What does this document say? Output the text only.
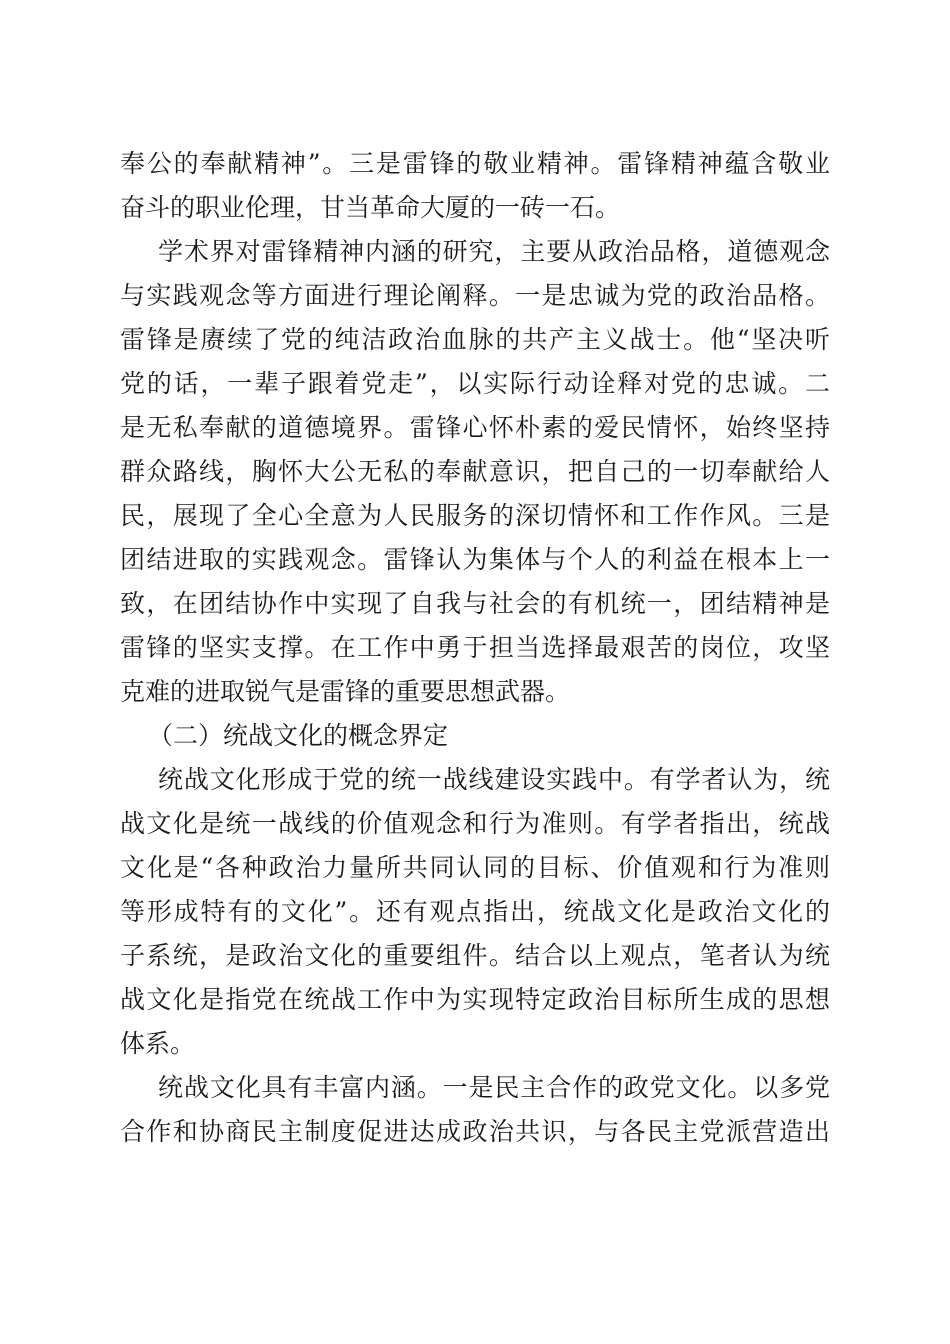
奉公的奉献精神”。三是雷锋的敬业精神。雷锋精神蕴含敬业
奋斗的职业伦理，甘当革命大厦的一砖一石。
学术界对雷锋精神内涵的研究，主要从政治品格，道德观念
与实践观念等方面进行理论阐释。一是忠诚为党的政治品格。
雷锋是赓续了党的纯洁政治血脉的共产主义战士。他“坚决听
党的话，一辈子跟着党走”，以实际行动诠释对党的忠诚。二
是无私奉献的道德境界。雷锋心怀朴素的爱民情怀，始终坚持
群众路线，胸怀大公无私的奉献意识，把自己的一切奉献给人
民，展现了全心全意为人民服务的深切情怀和工作作风。三是
团结进取的实践观念。雷锋认为集体与个人的利益在根本上一
致，在团结协作中实现了自我与社会的有机统一，团结精神是
雷锋的坚实支撑。在工作中勇于担当选择最艰苦的岗位，攻坚
克难的进取锐气是雷锋的重要思想武器。
（二）统战文化的概念界定
统战文化形成于党的统一战线建设实践中。有学者认为，统
战文化是统一战线的价值观念和行为准则。有学者指出，统战
文化是“各种政治力量所共同认同的目标、价值观和行为准则
等形成特有的文化”。还有观点指出，统战文化是政治文化的
子系统，是政治文化的重要组件。结合以上观点，笔者认为统
战文化是指党在统战工作中为实现特定政治目标所生成的思想
体系。
统战文化具有丰富内涵。一是民主合作的政党文化。以多党
合作和协商民主制度促进达成政治共识，与各民主党派营造出
